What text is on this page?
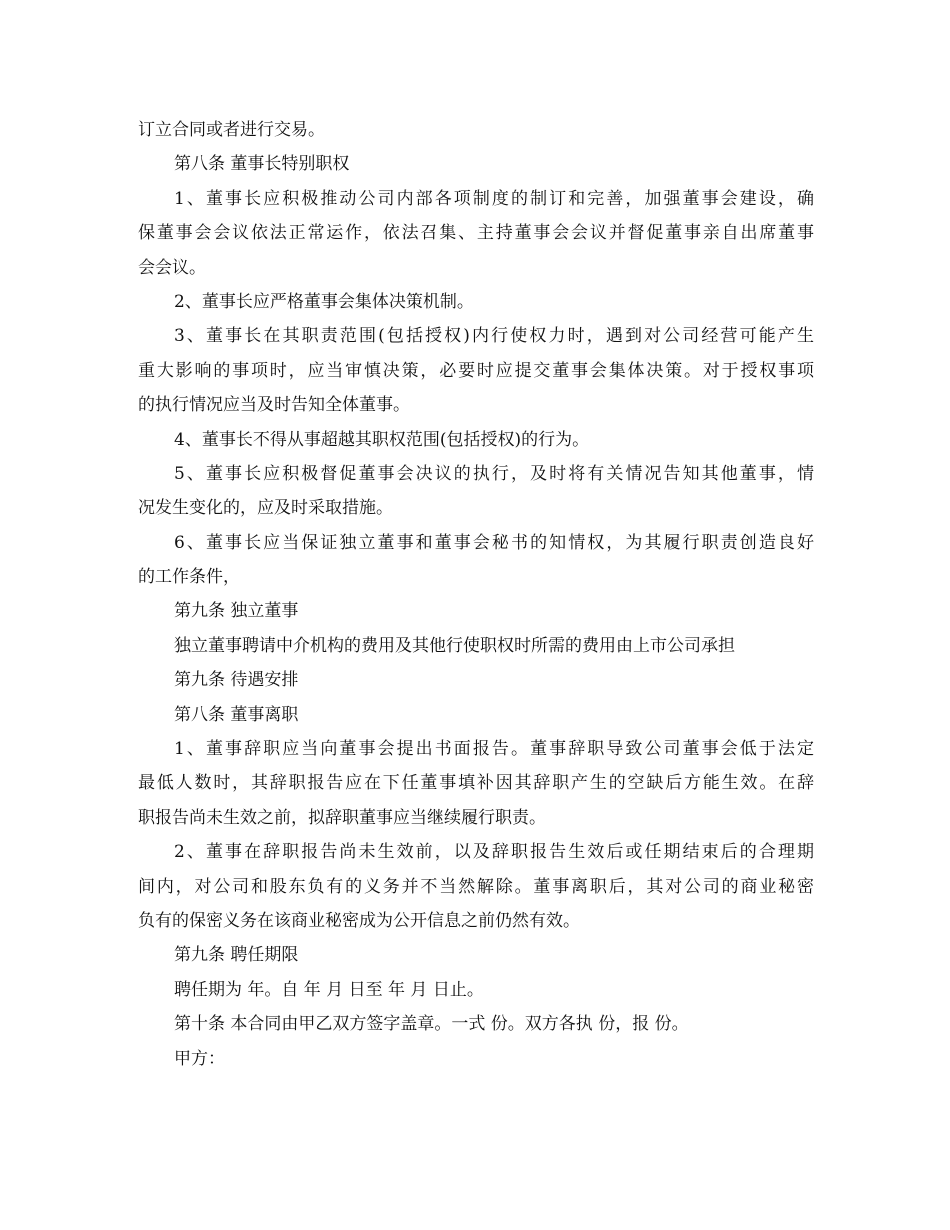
订立合同或者进行交易。
第八条 董事长特别职权
1、董事长应积极推动公司内部各项制度的制订和完善，加强董事会建设，确
保董事会会议依法正常运作，依法召集、主持董事会会议并督促董事亲自出席董事
会会议。
2、董事长应严格董事会集体决策机制。
3、董事长在其职责范围(包括授权)内行使权力时，遇到对公司经营可能产生
重大影响的事项时，应当审慎决策，必要时应提交董事会集体决策。对于授权事项
的执行情况应当及时告知全体董事。
4、董事长不得从事超越其职权范围(包括授权)的行为。
5、董事长应积极督促董事会决议的执行，及时将有关情况告知其他董事，情
况发生变化的，应及时采取措施。
6、董事长应当保证独立董事和董事会秘书的知情权，为其履行职责创造良好
的工作条件，
第九条 独立董事
独立董事聘请中介机构的费用及其他行使职权时所需的费用由上市公司承担
第九条 待遇安排
第八条 董事离职
1、董事辞职应当向董事会提出书面报告。董事辞职导致公司董事会低于法定
最低人数时，其辞职报告应在下任董事填补因其辞职产生的空缺后方能生效。在辞
职报告尚未生效之前，拟辞职董事应当继续履行职责。
2、董事在辞职报告尚未生效前，以及辞职报告生效后或任期结束后的合理期
间内，对公司和股东负有的义务并不当然解除。董事离职后，其对公司的商业秘密
负有的保密义务在该商业秘密成为公开信息之前仍然有效。
第九条 聘任期限
聘任期为 年。自 年 月 日至 年 月 日止。
第十条 本合同由甲乙双方签字盖章。一式 份。双方各执 份，报 份。
甲方：
